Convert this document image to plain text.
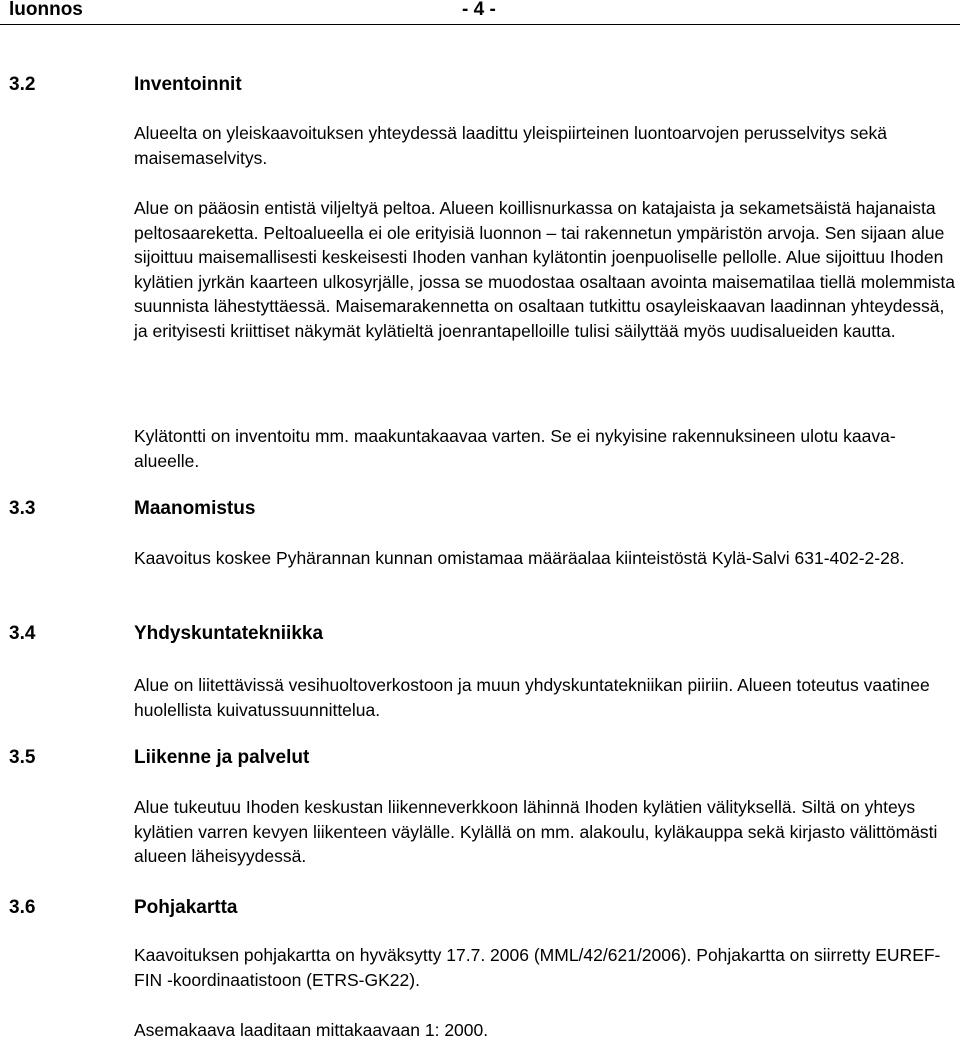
luonnos	- 4 -
3.2	Inventoinnit

Alueelta on yleiskaavoituksen yhteydessä laadittu yleispiirteinen luontoarvojen perusselvitys sekä maisemaselvitys.

Alue on pääosin entistä viljeltyä peltoa. Alueen koillisnurkassa on katajaista ja sekametsäistä hajanaista peltosaareketta. Peltoalueella ei ole erityisiä luonnon – tai rakennetun ympäristön arvoja. Sen sijaan alue sijoittuu maisemallisesti keskeisesti Ihoden vanhan kylätontin joenpuoliselle pellolle. Alue sijoittuu Ihoden kylätien jyrkän kaarteen ulkosyrjälle, jossa se muodostaa osaltaan avointa maisematilaa tiellä molemmista suunnista lähestyttäessä. Maisemarakennetta on osaltaan tutkittu osayleiskaavan laadinnan yhteydessä, ja erityisesti kriittiset näkymät kylätieltä joenrantapelloille tulisi säilyttää myös uudisalueiden kautta.

Kylätontti on inventoitu mm. maakuntakaavaa varten. Se ei nykyisine rakennuksineen ulotu kaava-alueelle.

3.3	Maanomistus

Kaavoitus koskee Pyhärannan kunnan omistamaa määräalaa kiinteistöstä Kylä-Salvi 631-402-2-28.

3.4	Yhdyskuntatekniikka

Alue on liitettävissä vesihuoltoverkostoon ja muun yhdyskuntatekniikan piiriin. Alueen toteutus vaatinee huolellista kuivatussuunnittelua.

3.5	Liikenne ja palvelut

Alue tukeutuu Ihoden keskustan liikenneverkkoon lähinnä Ihoden kylätien välityksellä. Siltä on yhteys kylätien varren kevyen liikenteen väylälle. Kylällä on mm. alakoulu, kyläkauppa sekä kirjasto välittömästi alueen läheisyydessä.

3.6	Pohjakartta

Kaavoituksen pohjakartta on hyväksytty 17.7. 2006 (MML/42/621/2006). Pohjakartta on siirretty EUREF-FIN -koordinaatistoon (ETRS-GK22).

Asemakaava laaditaan mittakaavaan 1: 2000.
